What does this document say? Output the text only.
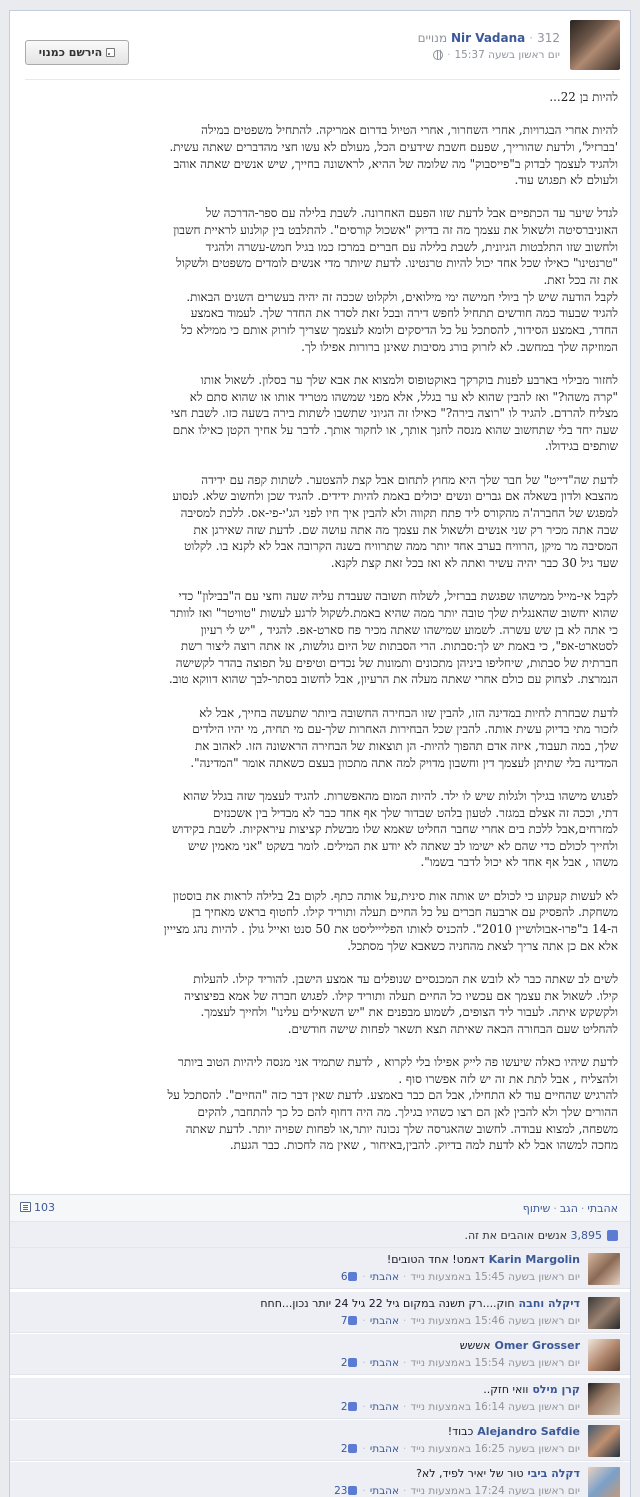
Nir Vadana ·312 מנויים
יום ראשון בשעה 15:37·
הירשם כמנוי
להיות בן 22...
להיות אחרי הבגרויות, אחרי השחרור, אחרי הטיול בדרום אמריקה. להתחיל משפטים במילה
'בברזיל', ולדעת שהורייך, שפעם חשבת שידעים הכל, מעולם לא עשו חצי מהדברים שאתה עשית.
ולהגיד לעצמך לבדוק ב"פייסבוק" מה שלומה של ההיא, לראשונה בחייך, שיש אנשים שאתה אוהב
ולעולם לא תפגוש עוד.
לגדל שיער עד הכתפיים אבל לדעת שזו הפעם האחרונה. לשבת בלילה עם ספר-הדרכה של
האוניברסיטה ולשאול את עצמך מה זה בדיוק "אשכול קורסים". להתלבט בין קולנוע לראיית חשבון
ולחשוב שזו התלבטות הגיונית, לשבת בלילה עם חברים במרכז כמו בגיל חמש-עשרה ולהגיד
"טרנטינו" כאילו שכל אחד יכול להיות טרנטינו. לדעת שיותר מדי אנשים לומדים משפטים ולשקול
את זה בכל זאת.
לקבל הודעה שיש לך ביולי חמישה ימי מילואים, ולקלוט שככה זה יהיה בעשרים השנים הבאות.
להגיד שבעוד כמה חודשים תתחיל לחפש דירה ובכל זאת לסדר את החדר שלך. לעמוד באמצע
החדר, באמצע הסידור, להסתכל על כל הדיסקים ולומא לעצמך שצריך לזרוק אותם כי ממילא כל
המוזיקה שלך במחשב. לא לזרוק בורג מסיבות שאינן ברורות אפילו לך.
לחזור מבילוי בארבע לפנות בוקרקך באוקטופוס ולמצוא את אבא שלך ער בסלון. לשאול אותו
"קרה משהו?" ואז להבין שהוא לא ער בגלל, אלא מפני שמשהו מטריד אותו או שהוא סתם לא
מצליח להרדם. להגיד לו "רוצה בירה?" כאילו זה הגיוני שתשבו לשתות בירה בשעה כזו. לשבת חצי
שעה יחד בלי שתחשוב שהוא מנסה לחנך אותך, או לחקור אותך. לדבר על אחיך הקטן כאילו אתם
שותפים בגידולו.
לדעת שה"דייט" של חבר שלך היא מחוץ לתחום אבל קצת להצטער. לשתות קפה עם ידידה
מהצבא ולדון בשאלה אם גברים ונשים יכולים באמת להיות ידידים. להגיד שכן ולחשוב שלא. לנסוע
למפגש של החברה'ה מהקורס ליד פתח תקווה ולא להבין איך חיו לפני הג'י-פי-אס. ללכת למסיבה
שבה אתה מכיר רק שני אנשים ולשאול את עצמך מה אתה עושה שם. לדעת שזה שאירגן את
המסיבה מר מיקן ,הרוויח בערב אחד יותר ממה שתרוויח בשנה הקרובה אבל לא לקנא בו. לקלוט
שעד גיל 30 כבר יהיה עשיר ואתה לא ואז בכל זאת קצת לקנא.
לקבל אי-מייל ממישהו שפגשת בברזיל, לשלוח תשובה שעבדת עליה שעה וחצי עם ה"בבילון" כדי
שהוא יחשוב שהאנגלית שלך טובה יותר ממה שהיא באמת.לשקול לרגע לעשות "טוויטר" ואז לוותר
כי אתה לא בן שש עשרה. לשמוע שמישהו שאתה מכיר פח סארט-אפ. להגיד , "יש לי רעיון
לסטארט-אפ", כי באמת יש לך:סבתות. הרי הסבתות של היום גולשות, אז אתה רוצה ליצור רשת
חברתית של סבתות, שיחליפו ביניהן מתכונים ותמונות של נכדים וטיפים על תפוצה בהדר לקשישה
הנמרצת. לצחוק עם כולם אחרי שאתה מעלה את הרעיון, אבל לחשוב בסתר-לבך שהוא דווקא טוב.
לדעת שבחרת לחיות במדינה הזו, להבין שזו הבחירה החשובה ביותר שתעשה בחייך, אבל לא
לזכור מתי בדיוק עשית אותה. להבין שכל הבחירות האחרות שלך-עם מי תחיה, מי יהיו הילדים
שלך, במה תעבוד, איזה אדם תהפוך להיות- הן תוצאות של הבחירה הראשונה הזו. לאהוב את
המדינה בלי שתיתן לעצמך דין וחשבון מדויק למה אתה מתכוון בעצם כשאתה אומר "המדינה".
לפגוש מישהו בגילך ולגלות שיש לו ילד. להיות המום מהאפשרות. להגיד לעצמך שזה בגלל שהוא
דתי, וככה זה אצלם במגזר. לטעון בלהט שבדור שלך אף אחד כבר לא מבדיל בין אשכנזים
למזרחים,אבל ללכת בים אחרי שחבר החליט שאמא שלו מבשלת קציצות עיראקיות. לשבת בקידוש
ולחייך לכולם כדי שהם לא ישימו לב שאתה לא יודע את המילים. לומר בשקט "אני מאמין שיש
משהו , אבל אף אחד לא יכול לדבר בשמו".
לא לעשות קעקוע כי לכולם יש אותה אות סינית,על אותה כתף. לקום ב2 בלילה לראות את בוסטון
משחקת. להפסיק עם ארבעה חברים על כל החיים תעלה ותוריד קילו. לחטוף בראש מאחיך בן
ה-14 ב"פרו-אבולושיין 2010". להכניס לאותו הפליייליסט את 50 סנט ואייל גולן . להיות נהג מצייין
אלא אם כן אתה צריך לצאת מהחניה כשאבא שלך מסתכל.
לשים לב שאתה כבר לא לובש את המכנסיים שנופלים עד אמצע הישבן. להוריד קילו. להעלות
קילו. לשאול את עצמך אם עכשיו כל החיים תעלה ותוריד קילו. לפגוש חברה של אמא בפיצוציה
ולקשקש איתה. לעבור ליד הצופים, לשמוע מבפנים את "יש השאילים עלינו" ולחייך לעצמך.
להחליט שעם הבחורה הבאה שאיתה תצא תשאר לפחות שישה חודשים.
לדעת שיהיו כאלה שיעשו פה לייק אפילו בלי לקרוא , לדעת שתמיד אני מנסה ליהיות הטוב ביותר
ולהצליח , אבל לתת את זה יש לזה אפשרו סוף .
להרגיש שהחיים עוד לא התחילו, אבל הם כבר באמצע. לדעת שאין דבר כזה "החיים". להסתכל על
ההורים שלך ולא להבין לאן הם רצו כשהיו בגילך. מה היה דחוף להם כל כך להתחבר, להקים
משפחה, למצוא עבודה. לחשוב שהאגרסה שלך נכונה יותר,או לפחות שפויה יותר. לדעת שאתה
מחכה למשהו אבל לא לדעת למה בדיוק. להבין,באיחור , שאין מה לחכות. כבר הגעת.
אהבתי·הגב·שיתוף
103
3,895 אנשים אוהבים את זה.
Karin Margolinדאמט! אחד הטובים!
יום ראשון בשעה 15:45 באמצעות נייד·אהבתי·6
דיקלה וחבהחוק....רק תשנה במקום גיל 22 גיל 24 יותר נכון...חחח
יום ראשון בשעה 15:46 באמצעות נייד·אהבתי·7
Omer Grosserאששש
יום ראשון בשעה 15:54 באמצעות נייד·אהבתי·2
קרן מילסוואי חזק..
יום ראשון בשעה 16:14 באמצעות נייד·אהבתי·2
Alejandro Safdieכבוד!
יום ראשון בשעה 16:25 באמצעות נייד·אהבתי·2
דקלה ביביטור של יאיר לפיד, לא?
יום ראשון בשעה 17:24 באמצעות נייד·אהבתי·23
